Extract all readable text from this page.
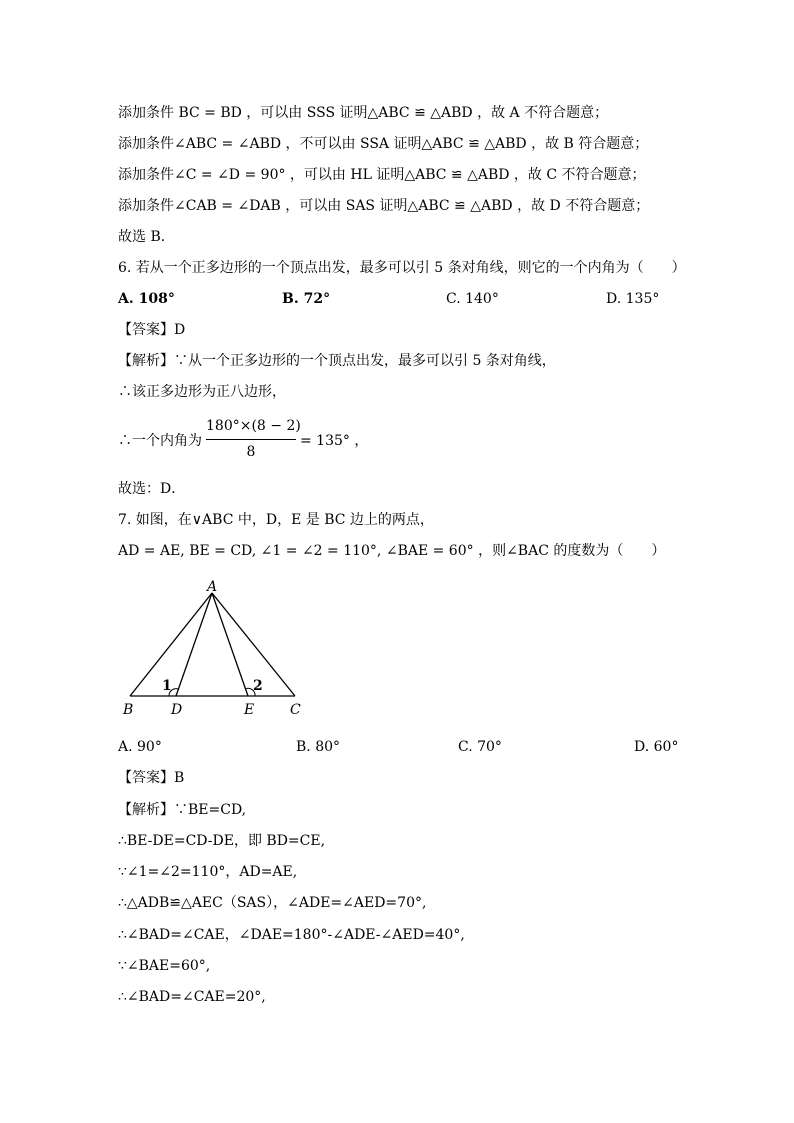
添加条件 BC = BD ，可以由 SSS 证明△ABC ≌ △ABD ，故 A 不符合题意；
添加条件∠ABC = ∠ABD ，不可以由 SSA 证明△ABC ≌ △ABD ，故 B 符合题意；
添加条件∠C = ∠D = 90° ，可以由 HL 证明△ABC ≌ △ABD ，故 C 不符合题意；
添加条件∠CAB = ∠DAB ，可以由 SAS 证明△ABC ≌ △ABD ，故 D 不符合题意；
故选 B．
6. 若从一个正多边形的一个顶点出发，最多可以引 5 条对角线，则它的一个内角为（　　）
A. 108°	B. 72°	C. 140°	D. 135°
【答案】D
【解析】∵从一个正多边形的一个顶点出发，最多可以引 5 条对角线，
∴该正多边形为正八边形，
∴一个内角为
180°×(8 − 2)
8
= 135° ，
故选：D．
7. 如图，在∨ABC 中，D，E 是 BC 边上的两点，
AD = AE, BE = CD, ∠1 = ∠2 = 110°, ∠BAE = 60° ，则∠BAC 的度数为（　　）
A
B	D	E	C
1	2
A. 90°	B. 80°	C. 70°	D. 60°
【答案】B
【解析】∵BE=CD,
∴BE-DE=CD-DE，即 BD=CE,
∵∠1=∠2=110°，AD=AE,
∴△ADB≌△AEC（SAS），∠ADE=∠AED=70°,
∴∠BAD=∠CAE，∠DAE=180°-∠ADE-∠AED=40°,
∵∠BAE=60°,
∴∠BAD=∠CAE=20°,
